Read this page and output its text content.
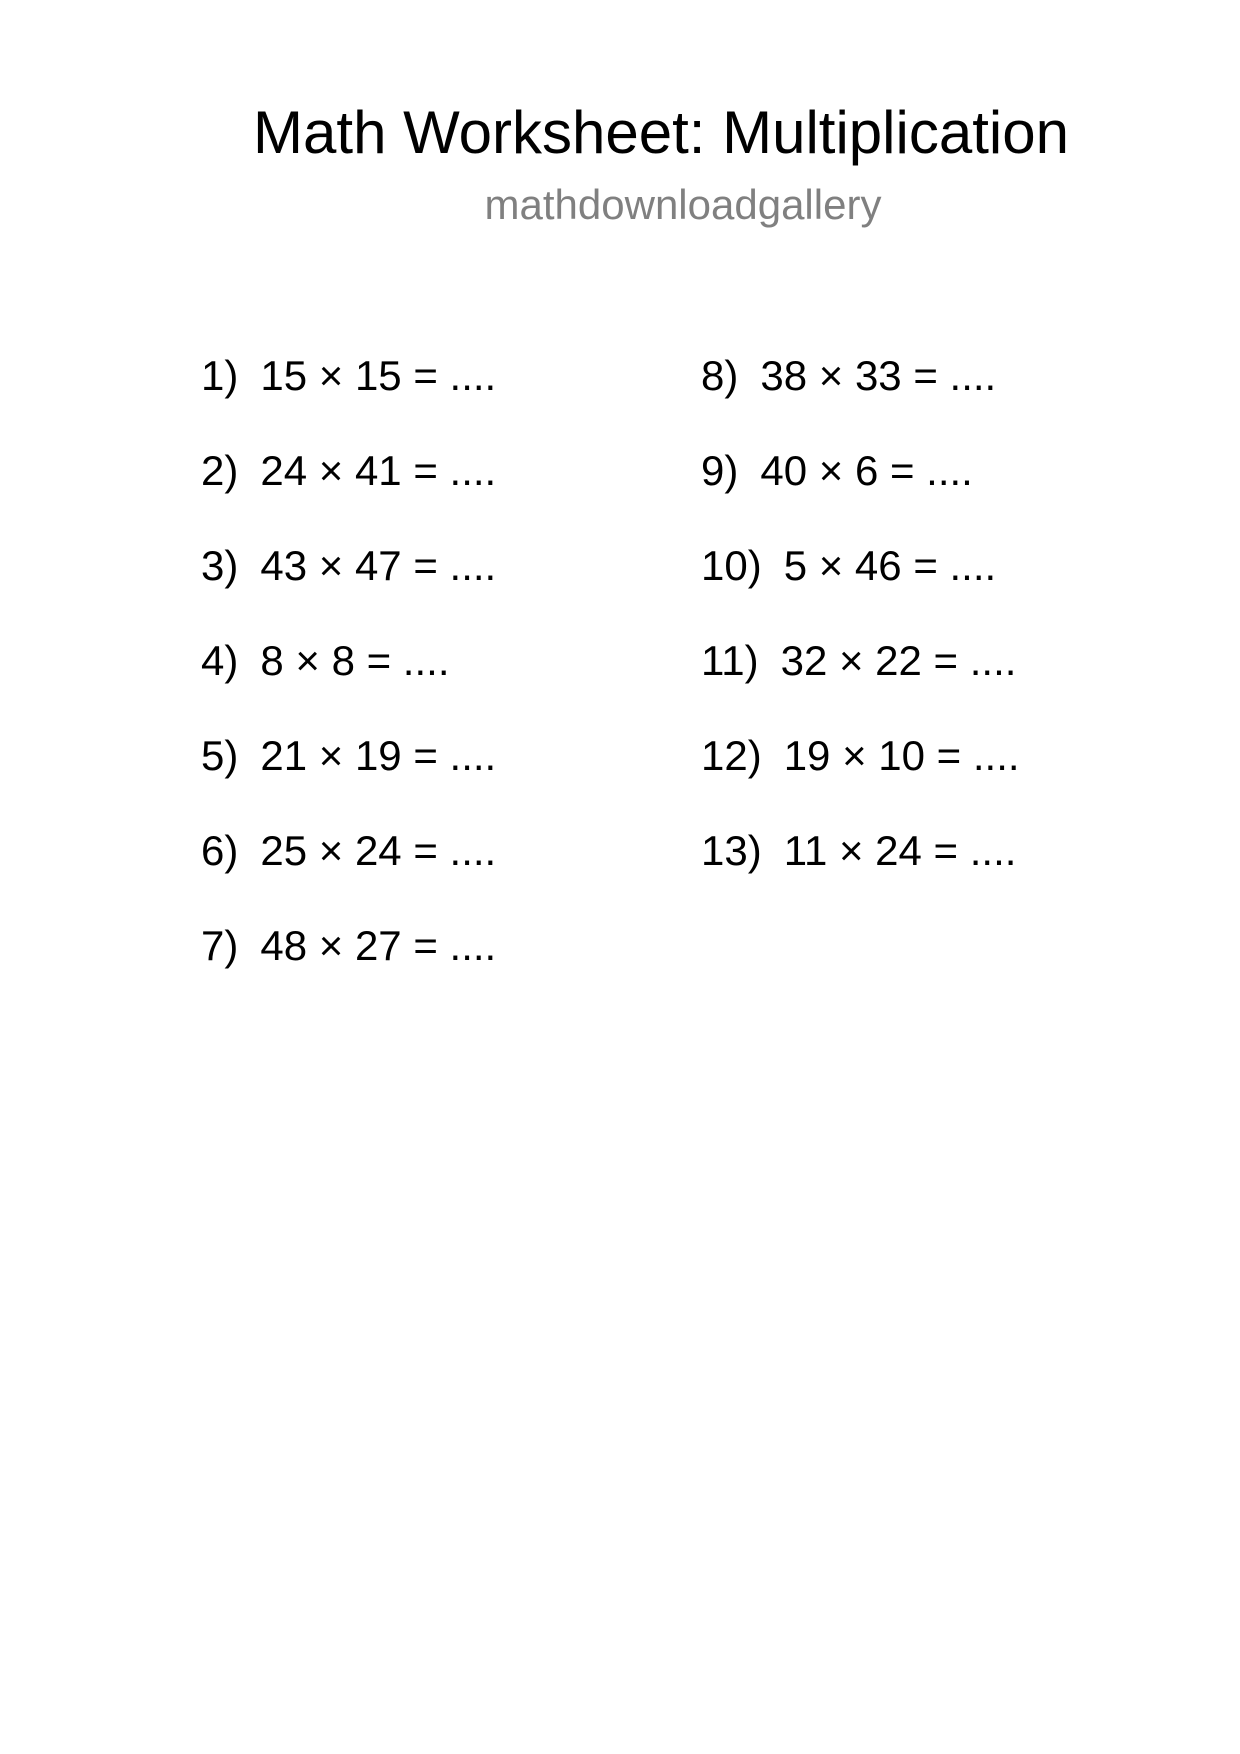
Math Worksheet: Multiplication
mathdownloadgallery
1) 15 × 15 = ....
2) 24 × 41 = ....
3) 43 × 47 = ....
4) 8 × 8 = ....
5) 21 × 19 = ....
6) 25 × 24 = ....
7) 48 × 27 = ....
8) 38 × 33 = ....
9) 40 × 6 = ....
10) 5 × 46 = ....
11) 32 × 22 = ....
12) 19 × 10 = ....
13) 11 × 24 = ....
